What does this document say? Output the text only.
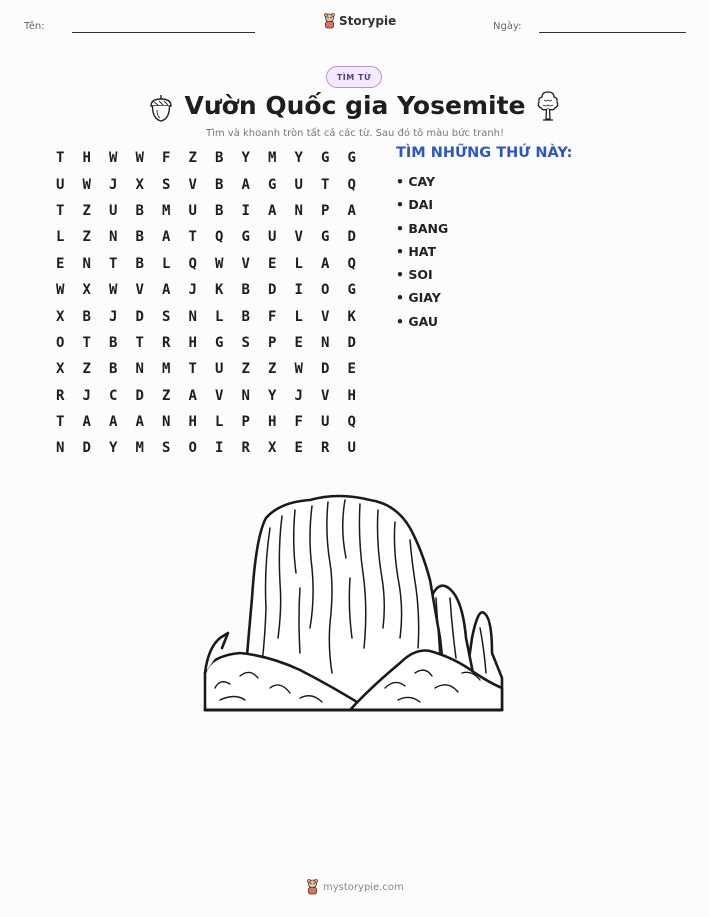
Tên:	Ngày:
Storypie
TÌM TỪ
Vườn Quốc gia Yosemite
Tìm và khoanh tròn tất cả các từ. Sau đó tô màu bức tranh!
T	H	W	W	F	Z	B	Y	M	Y	G	G
U	W	J	X	S	V	B	A	G	U	T	Q
T	Z	U	B	M	U	B	I	A	N	P	A
L	Z	N	B	A	T	Q	G	U	V	G	D
E	N	T	B	L	Q	W	V	E	L	A	Q
W	X	W	V	A	J	K	B	D	I	O	G
X	B	J	D	S	N	L	B	F	L	V	K
O	T	B	T	R	H	G	S	P	E	N	D
X	Z	B	N	M	T	U	Z	Z	W	D	E
R	J	C	D	Z	A	V	N	Y	J	V	H
T	A	A	A	N	H	L	P	H	F	U	Q
N	D	Y	M	S	O	I	R	X	E	R	U
TÌM NHỮNG THỨ NÀY:
• CAY
• DAI
• BANG
• HAT
• SOI
• GIAY
• GAU
mystorypie.com
